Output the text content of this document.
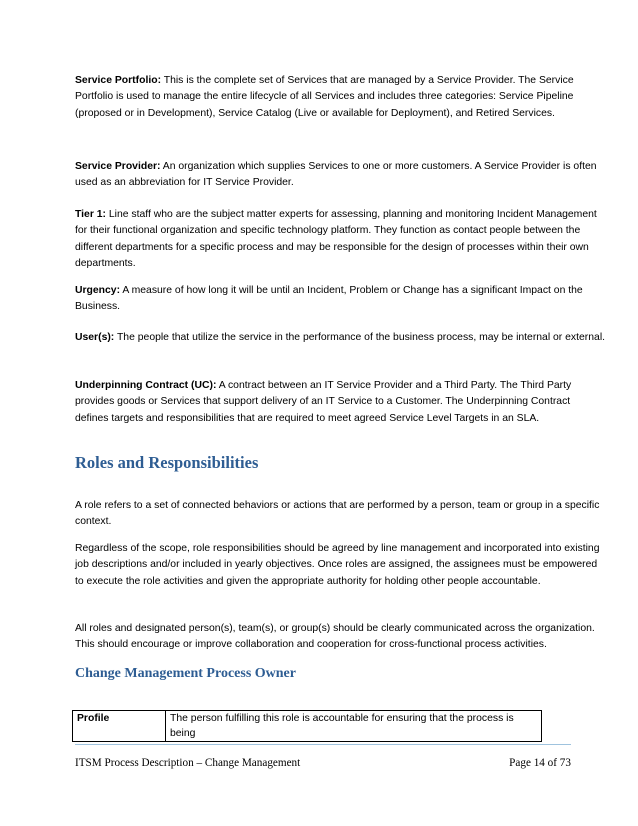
Service Portfolio: This is the complete set of Services that are managed by a Service Provider. The Service Portfolio is used to manage the entire lifecycle of all Services and includes three categories: Service Pipeline (proposed or in Development), Service Catalog (Live or available for Deployment), and Retired Services.

Service Provider: An organization which supplies Services to one or more customers. A Service Provider is often used as an abbreviation for IT Service Provider.

Tier 1: Line staff who are the subject matter experts for assessing, planning and monitoring Incident Management for their functional organization and specific technology platform. They function as contact people between the different departments for a specific process and may be responsible for the design of processes within their own departments.

Urgency: A measure of how long it will be until an Incident, Problem or Change has a significant Impact on the Business.

User(s): The people that utilize the service in the performance of the business process, may be internal or external.

Underpinning Contract (UC): A contract between an IT Service Provider and a Third Party. The Third Party provides goods or Services that support delivery of an IT Service to a Customer. The Underpinning Contract defines targets and responsibilities that are required to meet agreed Service Level Targets in an SLA.

Roles and Responsibilities

A role refers to a set of connected behaviors or actions that are performed by a person, team or group in a specific context.

Regardless of the scope, role responsibilities should be agreed by line management and incorporated into existing job descriptions and/or included in yearly objectives. Once roles are assigned, the assignees must be empowered to execute the role activities and given the appropriate authority for holding other people accountable.

All roles and designated person(s), team(s), or group(s) should be clearly communicated across the organization. This should encourage or improve collaboration and cooperation for cross-functional process activities.

Change Management Process Owner
Profile	The person fulfilling this role is accountable for ensuring that the process is being
ITSM Process Description – Change Management	Page 14 of 73
